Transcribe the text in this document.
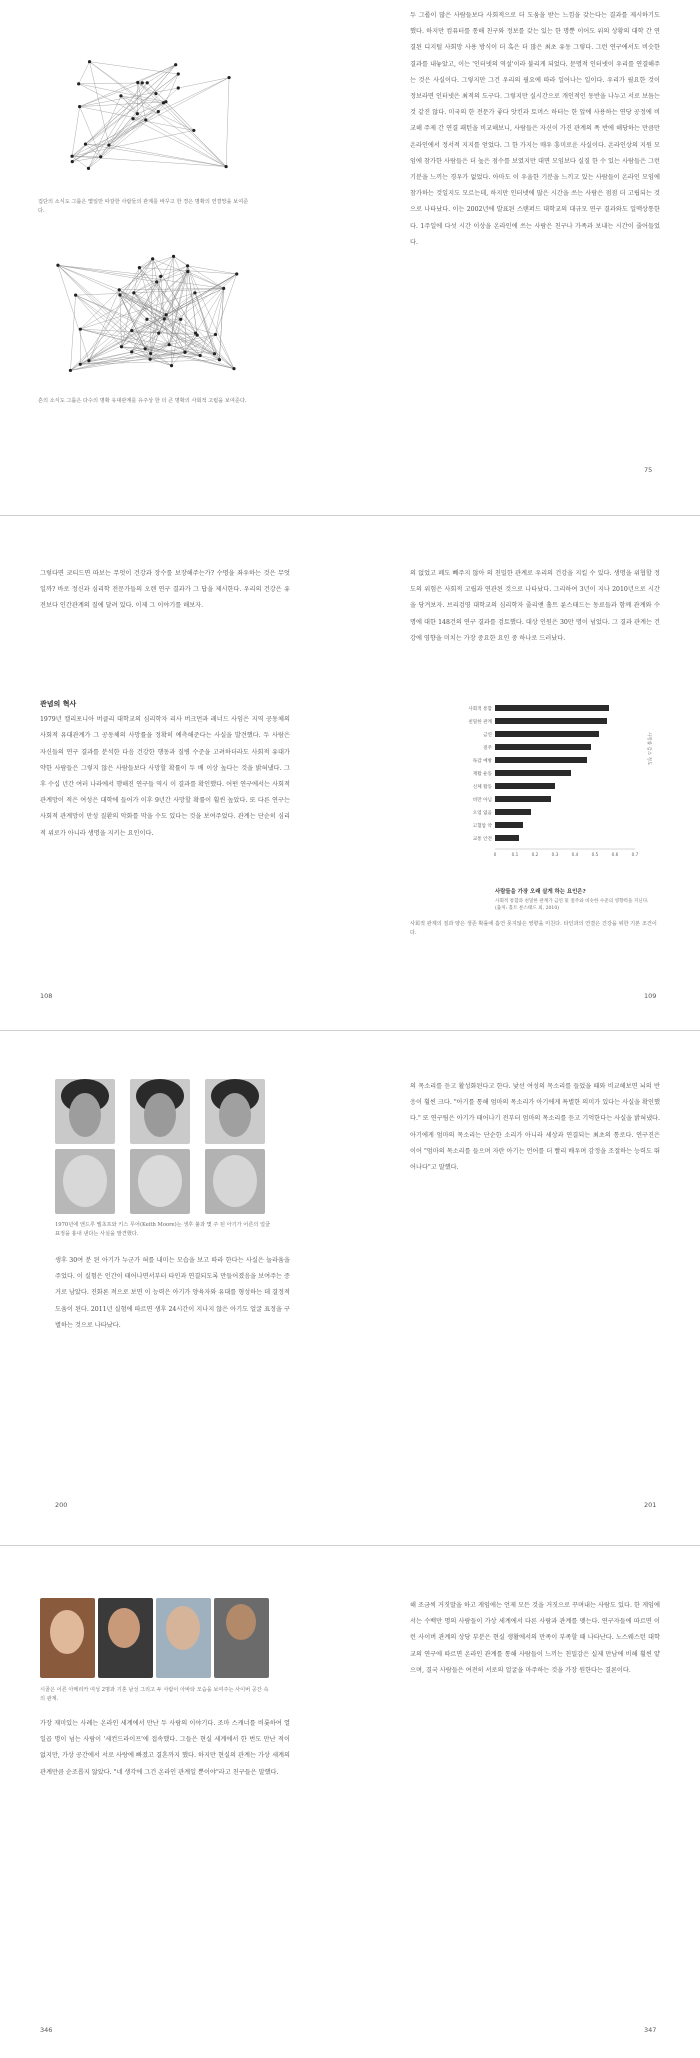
집단의 소식도 그룹은 몇일만 따갈한 사람들의 관계를 바꾸고 한 경은 명확의 연결망을 보여준다.
흔의 소식도 그룹은 다수의 명확 유대관계를 유주상 한 더 큰 명확의 사회적 고립을 보여준다.
두 그룹이 많은 사람들보다 사회적으로 더 도움을 받는 느낌을 갖는다는 결과를 제시하기도 했다. 하지만 컴퓨터를 통해 친구와 정보를 갖는 있는 한 명뿐 이어도 위의 상황의 대학 간 연결된 디지털 사회망 사용 방식이 더 혹은 더 많은 최초 유동 그렇다. 그런 연구에서도 비슷한 결과를 내놓았고, 이는 '인터넷의 역설'이라 불리게 되었다. 문명적 인터넷이 우리를 연결해주는 것은 사실이다. 그렇지만 그건 우리의 필요에 따라 일어나는 일이다. 우리가 필요한 것이 정보라면 인터넷은 최적의 도구다. 그렇지만 실시간으로 개인적인 동반을 나누고 서로 보듬는 것 같진 않다. 미국의 한 전문가 좋다 앗킨과 토머스 하터는 한 앞에 사용하는 연당 공정에 비교해 주제 간 연결 패턴을 비교해보니, 사람들은 자신이 가진 관계의 폭 반에 해당하는 만큼만 온라인에서 정서적 지지를 얻었다. 그 한 가지는 매우 흥미로운 사실이다. 온라인상의 지원 모임에 참가한 사람들은 더 높은 점수를 보였지만 대면 모임보다 실질 한 수 있는 사람들은 그런 기분을 느끼는 경우가 없었다. 아마도 이 우울한 기분을 느끼고 있는 사람들이 온라인 모임에 참가하는 것일지도 모르는데, 하지만 인터넷에 많은 시간을 쓰는 사람은 점점 더 고립되는 것으로 나타났다. 이는 2002년에 발표된 스탠퍼드 대학교의 대규모 연구 결과와도 일맥상통한다. 1주일에 다섯 시간 이상을 온라인에 쓰는 사람은 친구나 가족과 보내는 시간이 줄어들었다.
75
그렇다면 코티드면 따보는 무엇이 건강과 장수를 보장해주는가? 수명을 좌우하는 것은 무엇일까? 바로 정신과 심리학 전문가들의 오랜 연구 결과가 그 답을 제시한다. 우리의 건강은 유전보다 인간관계의 질에 달려 있다. 이제 그 이야기를 해보자.

관념의 혁사

1979년 캘리포니아 버클리 대학교의 심리학자 리사 버크먼과 레너드 사임은 지역 공동체의 사회적 유대관계가 그 공동체의 사망률을 정확히 예측해준다는 사실을 발견했다. 두 사람은 자신들의 연구 결과를 분석한 다음 건강한 행동과 질병 수준을 고려하더라도 사회적 유대가 약한 사람들은 그렇지 않은 사람들보다 사망할 확률이 두 배 이상 높다는 것을 밝혀냈다. 그 후 수십 년간 여러 나라에서 행해진 연구들 역시 이 결과를 확인했다. 어떤 연구에서는 사회적 관계망이 적은 여성은 대학에 들어가 이후 9년간 사망할 확률이 훨씬 높았다. 또 다른 연구는 사회적 관계망이 만성 질환의 악화를 막을 수도 있다는 것을 보여주었다. 관계는 단순히 심리적 위로가 아니라 생명을 지키는 요인이다.

108
의 없었고 폐도 빼주지 않아 의 친밀한 관계로 우리의 건강을 지킬 수 있다. 생명을 위협할 정도의 위험은 사회적 고립과 연관된 것으로 나타났다. 그리하여 3년이 지나 2010년으로 시간을 당겨보자. 브리검영 대학교의 심리학자 줄리앤 홀트 룬스태드는 동료들과 함께 관계와 수명에 대한 148건의 연구 결과를 검토했다. 대상 인원은 30만 명이 넘었다. 그 결과 관계는 건강에 영향을 미치는 가장 중요한 요인 중 하나로 드러났다.
사회적 통합
친밀한 관계
금연
절주
독감 예방
재활 운동
신체 활동
비만 아님
오염 없음
고혈압 약
교통 안전
0	0.1	0.2	0.3	0.4	0.5	0.6	0.7
사망률 감소 정도
사람들을 가장 오래 살게 하는 요인은?
사회적 통합과 친밀한 관계가 금연 및 절주와 비슷한 수준의 영향력을 지닌다. (출처: 홀트 룬스태드 외, 2010)
사회적 관계의 질과 양은 생존 확률에 흡연 못지않은 영향을 미친다. 타인과의 연결은 건강을 위한 기본 조건이다.
109
1970년에 앤드루 멜초프와 키스 무어(Keith Moore)는 생후 불과 몇 주 된 아기가 어른의 얼굴 표정을 흉내 낸다는 사실을 발견했다.
생후 30여 분 된 아기가 누군가 혀를 내미는 모습을 보고 따라 한다는 사실은 놀라움을 주었다. 이 실험은 인간이 태어나면서부터 타인과 연결되도록 만들어졌음을 보여주는 증거로 남았다. 진화론 적으로 보면 이 능력은 아기가 양육자와 유대를 형성하는 데 결정적 도움이 된다. 2011년 실험에 따르면 생후 24시간이 지나지 않은 아기도 얼굴 표정을 구별하는 것으로 나타났다.
200
의 목소리를 듣고 활성화된다고 한다. 낯선 여성의 목소리를 들었을 때와 비교해보면 뇌의 반응이 훨씬 크다. "아기를 통해 엄마의 목소리가 아기에게 특별한 의미가 있다는 사실을 확인했다." 또 연구팀은 아기가 태어나기 전부터 엄마의 목소리를 듣고 기억한다는 사실을 밝혀냈다. 아기에게 엄마의 목소리는 단순한 소리가 아니라 세상과 연결되는 최초의 통로다. 연구진은 이어 "엄마의 목소리를 들으며 자란 아기는 언어를 더 빨리 배우며 감정을 조절하는 능력도 뛰어나다"고 말했다.
201
시골은 이른 아메리카 여성 2명과 기혼 남성 그리고 두 사람이 아바타 모습을 보여주는 사이버 공간 속의 관계.
가장 재미있는 사례는 온라인 세계에서 만난 두 사람의 이야기다. 조마 스캐너를 비롯하여 열일곱 명이 넘는 사람이 '세컨드라이프'에 접속했다. 그들은 현실 세계에서 한 번도 만난 적이 없지만, 가상 공간에서 서로 사랑에 빠졌고 결혼까지 했다. 하지만 현실의 관계는 가상 세계의 관계만큼 순조롭지 않았다. "네 생각에 그건 온라인 관계일 뿐이야"라고 친구들은 말했다.
346
해 조금씩 거짓말을 하고 게임에는 언제 모든 것을 거짓으로 꾸며내는 사람도 있다. 한 게임에서는 수백만 명의 사람들이 가상 세계에서 다른 사람과 관계를 맺는다. 연구자들에 따르면 이런 사이버 관계의 상당 부분은 현실 생활에서의 만족이 부족할 때 나타난다. 노스웨스턴 대학교의 연구에 따르면 온라인 관계를 통해 사람들이 느끼는 친밀감은 실제 만남에 비해 훨씬 얕으며, 결국 사람들은 여전히 서로의 얼굴을 마주하는 것을 가장 원한다는 결론이다.
347
